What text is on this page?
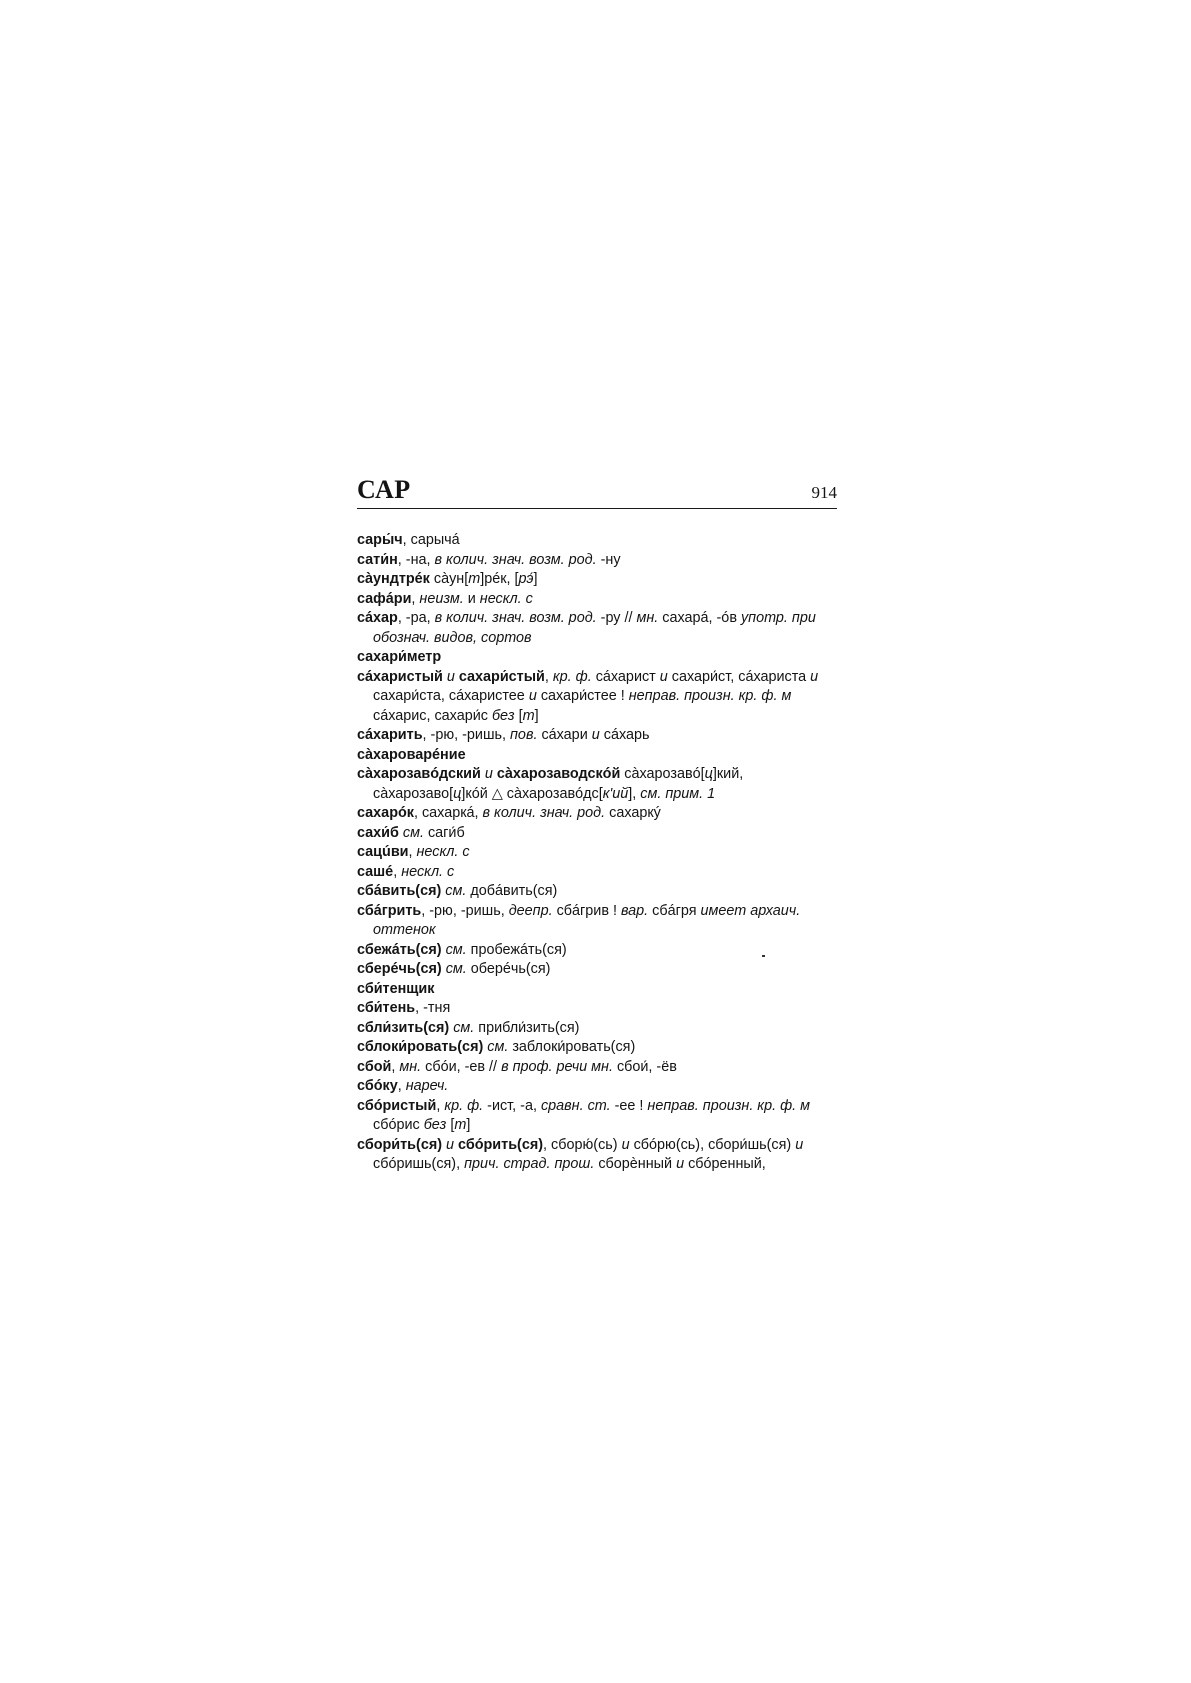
САР	914

сары́ч, сарычá

сати́н, -на, в колич. знач. возм. род. -ну

сàундтрéк сàун[т]рéк, [рэ́]

сафáри, неизм. и нескл. с

сáхар, -ра, в колич. знач. возм. род. -ру // мн. сахарá, -óв употр. при обознач. видов, сортов

сахари́метр

сáхаристый и сахари́стый, кр. ф. сáхарист и сахари́ст, сáхариста и сахари́ста, сáхаристее и сахари́стее ! неправ. произн. кр. ф. м сáхарис, сахари́с без [т]

сáхарить, -рю, -ришь, пов. сáхари и сáхарь

сàхароварéние

сàхарозавóдский и сàхарозаводскóй сàхарозавó[ц]кий, сàхарозаво[ц]кóй △ сàхарозавóдс[к'ий], см. прим. 1

сахарóк, сахаркá, в колич. знач. род. сахаркý

сахи́б см. саги́б

сацúви, нескл. с

сашé, нескл. с

сбáвить(ся) см. добáвить(ся)

сбáгрить, -рю, -ришь, деепр. сбáгрив ! вар. сбáгря имеет архаич. оттенок

сбежáть(ся) см. пробежáть(ся)

сберéчь(ся) см. оберéчь(ся)

сби́тенщик

сби́тень, -тня

сбли́зить(ся) см. прибли́зить(ся)

сблоки́ровать(ся) см. заблоки́ровать(ся)

сбой, мн. сбóи, -ев // в проф. речи мн. сбои́, -ёв

сбóку, нареч.

сбóристый, кр. ф. -ист, -а, сравн. ст. -ее ! неправ. произн. кр. ф. м сбóрис без [т]

сбори́ть(ся) и сбóрить(ся), сборю́(сь) и сбóрю(сь), сбори́шь(ся) и сбóришь(ся), прич. страд. прош. сборèнный и сбóренный,
